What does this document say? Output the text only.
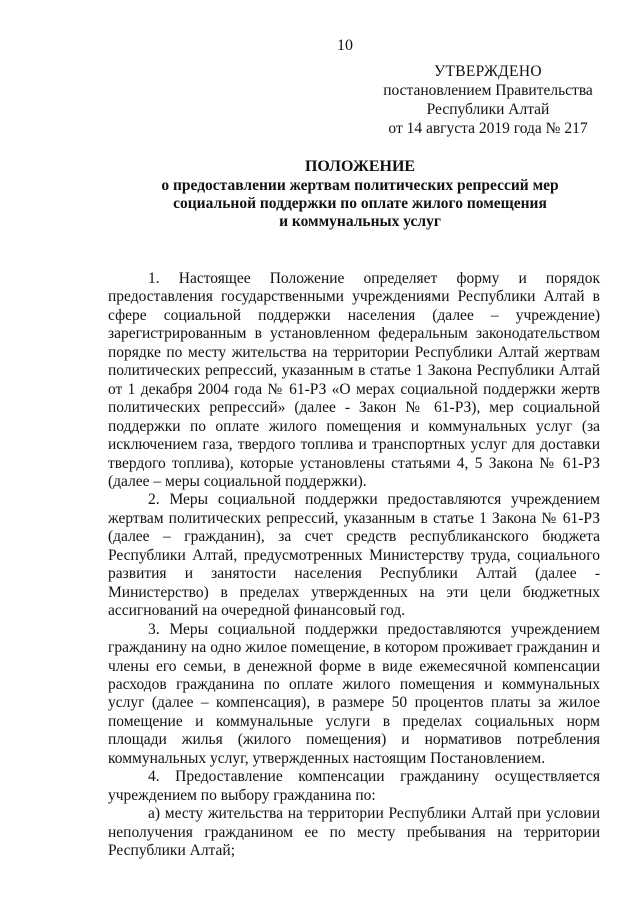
10
УТВЕРЖДЕНО
постановлением Правительства
Республики Алтай
от 14 августа 2019 года № 217
ПОЛОЖЕНИЕ
о предоставлении жертвам политических репрессий мер
социальной поддержки по оплате жилого помещения
и коммунальных услуг

1. Настоящее Положение определяет форму и порядок предоставления государственными учреждениями Республики Алтай в сфере социальной поддержки населения (далее – учреждение) зарегистрированным в установленном федеральным законодательством порядке по месту жительства на территории Республики Алтай жертвам политических репрессий, указанным в статье 1 Закона Республики Алтай от 1 декабря 2004 года № 61-РЗ «О мерах социальной поддержки жертв политических репрессий» (далее - Закон № 61-РЗ), мер социальной поддержки по оплате жилого помещения и коммунальных услуг (за исключением газа, твердого топлива и транспортных услуг для доставки твердого топлива), которые установлены статьями 4, 5 Закона № 61-РЗ (далее – меры социальной поддержки).

2. Меры социальной поддержки предоставляются учреждением жертвам политических репрессий, указанным в статье 1 Закона № 61-РЗ (далее – гражданин), за счет средств республиканского бюджета Республики Алтай, предусмотренных Министерству труда, социального развития и занятости населения Республики Алтай (далее - Министерство) в пределах утвержденных на эти цели бюджетных ассигнований на очередной финансовый год.

3. Меры социальной поддержки предоставляются учреждением гражданину на одно жилое помещение, в котором проживает гражданин и члены его семьи, в денежной форме в виде ежемесячной компенсации расходов гражданина по оплате жилого помещения и коммунальных услуг (далее – компенсация), в размере 50 процентов платы за жилое помещение и коммунальные услуги в пределах социальных норм площади жилья (жилого помещения) и нормативов потребления коммунальных услуг, утвержденных настоящим Постановлением.

4. Предоставление компенсации гражданину осуществляется учреждением по выбору гражданина по:

а) месту жительства на территории Республики Алтай при условии неполучения гражданином ее по месту пребывания на территории Республики Алтай;
